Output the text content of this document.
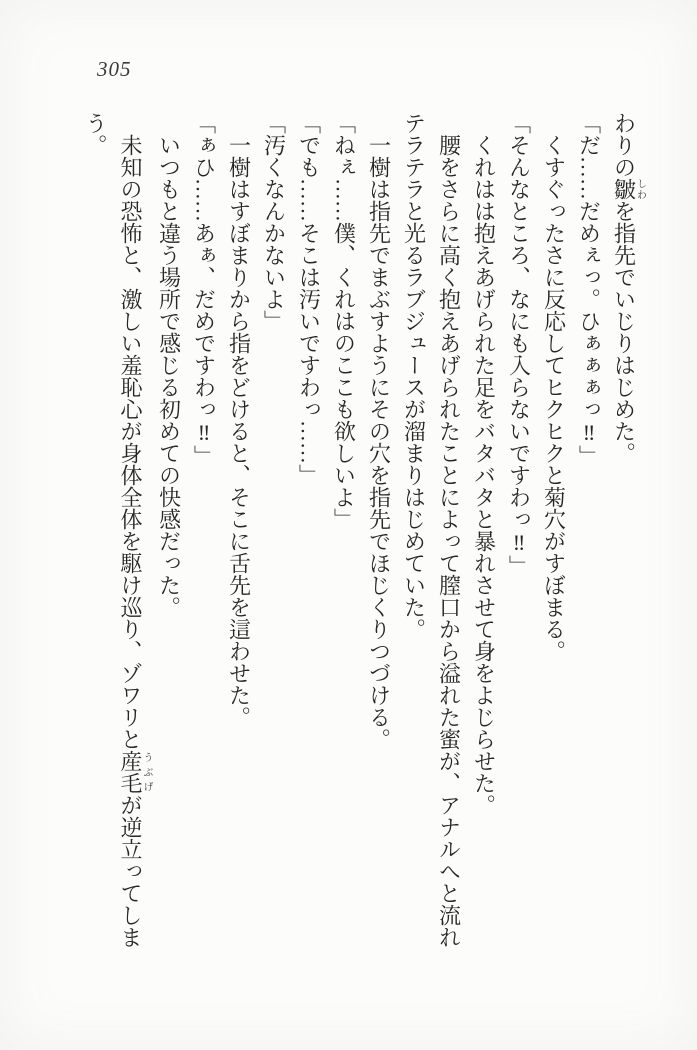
305

わりの皺しわを指先でいじりはじめた。

「だ……だめぇっ。ひぁぁぁっ‼」

くすぐったさに反応してヒクヒクと菊穴がすぼまる。

「そんなところ、なにも入らないですわっ‼」

くれはは抱えあげられた足をバタバタと暴れさせて身をよじらせた。

腰をさらに高く抱えあげられたことによって膣口から溢れた蜜が、アナルへと流れ

テラテラと光るラブジュースが溜まりはじめていた。

一樹は指先でまぶすようにその穴を指先でほじくりつづける。

「ねぇ……僕、くれはのここも欲しいよ」

「でも……そこは汚いですわっ……」

「汚くなんかないよ」

一樹はすぼまりから指をどけると、そこに舌先を這わせた。

「ぁひ……あぁ、だめですわっ‼」

いつもと違う場所で感じる初めての快感だった。

未知の恐怖と、激しい羞恥心が身体全体を駆け巡り、ゾワリと産毛うぶげが逆立ってしま

う。
